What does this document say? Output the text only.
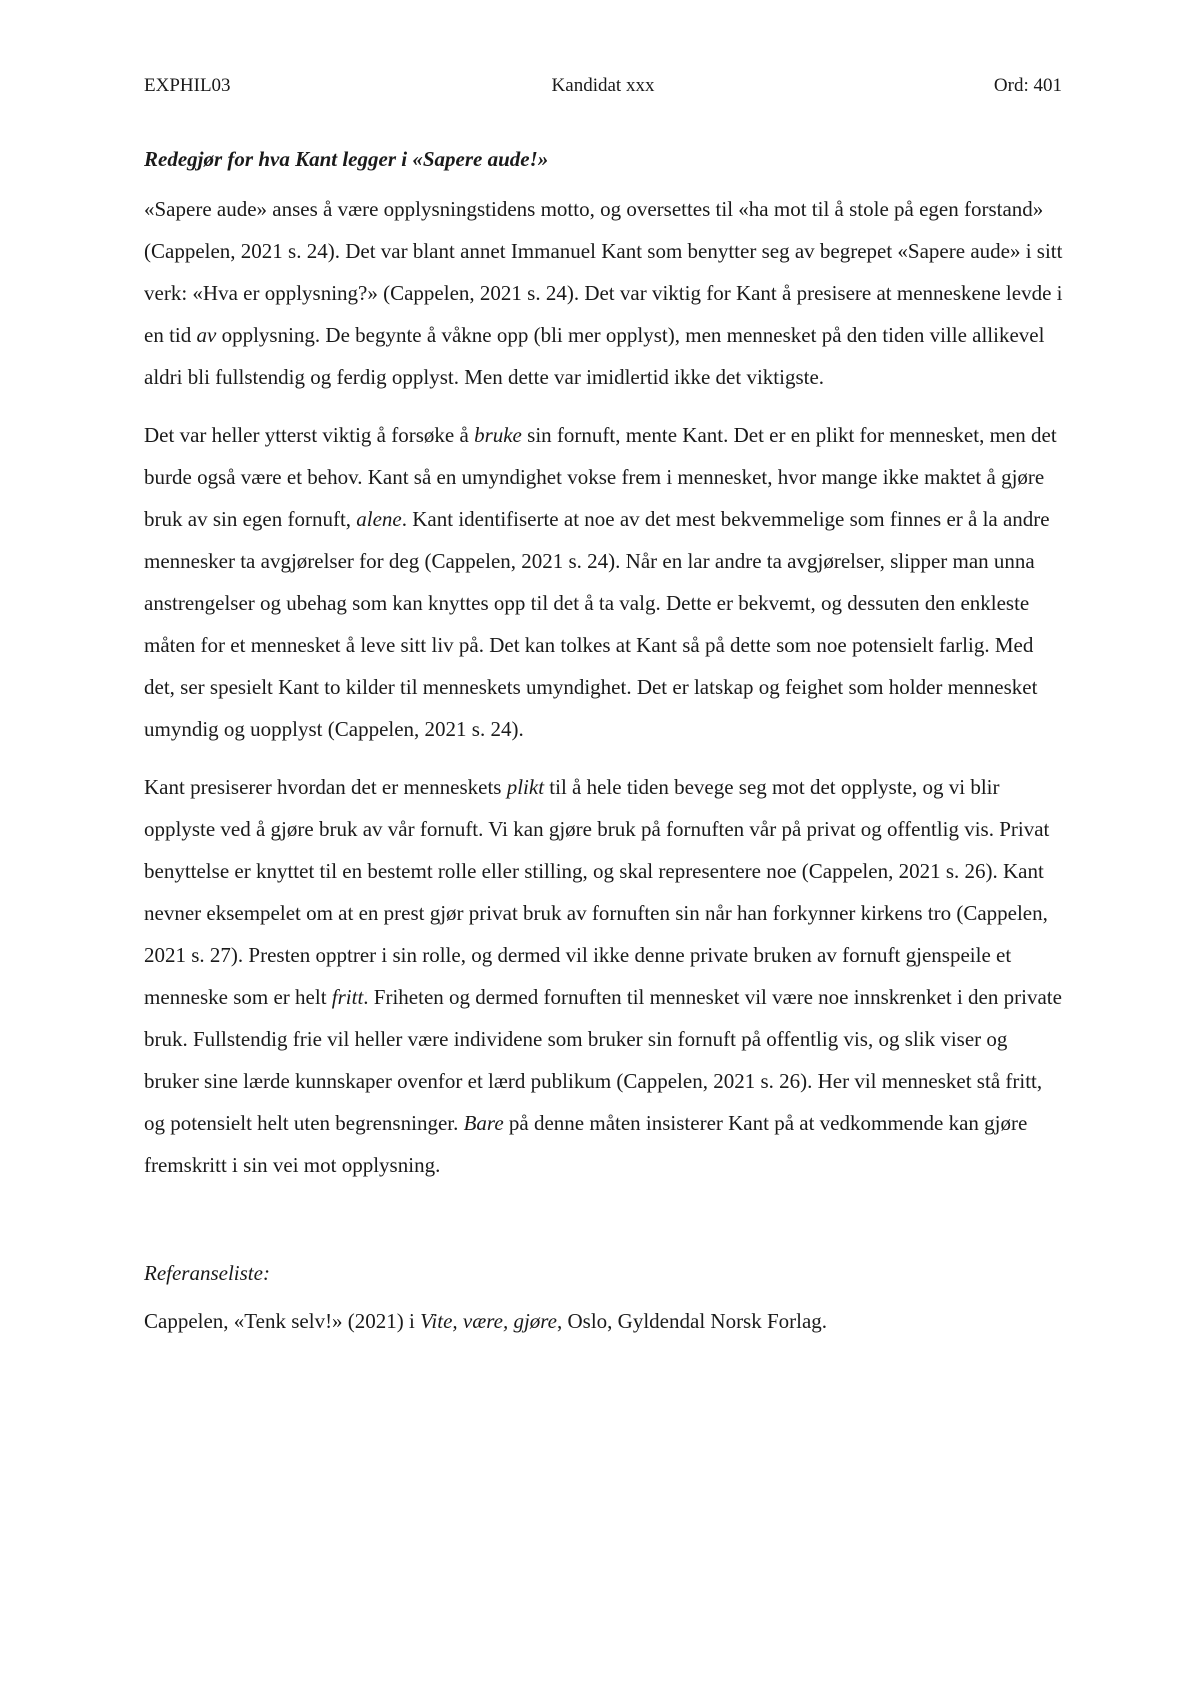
EXPHIL03	Kandidat xxx	Ord: 401

Redegjør for hva Kant legger i «Sapere aude!»

«Sapere aude» anses å være opplysningstidens motto, og oversettes til «ha mot til å stole på egen forstand» (Cappelen, 2021 s. 24). Det var blant annet Immanuel Kant som benytter seg av begrepet «Sapere aude» i sitt verk: «Hva er opplysning?» (Cappelen, 2021 s. 24). Det var viktig for Kant å presisere at menneskene levde i en tid av opplysning. De begynte å våkne opp (bli mer opplyst), men mennesket på den tiden ville allikevel aldri bli fullstendig og ferdig opplyst. Men dette var imidlertid ikke det viktigste.

Det var heller ytterst viktig å forsøke å bruke sin fornuft, mente Kant. Det er en plikt for mennesket, men det burde også være et behov. Kant så en umyndighet vokse frem i mennesket, hvor mange ikke maktet å gjøre bruk av sin egen fornuft, alene. Kant identifiserte at noe av det mest bekvemmelige som finnes er å la andre mennesker ta avgjørelser for deg (Cappelen, 2021 s. 24). Når en lar andre ta avgjørelser, slipper man unna anstrengelser og ubehag som kan knyttes opp til det å ta valg. Dette er bekvemt, og dessuten den enkleste måten for et mennesket å leve sitt liv på. Det kan tolkes at Kant så på dette som noe potensielt farlig. Med det, ser spesielt Kant to kilder til menneskets umyndighet. Det er latskap og feighet som holder mennesket umyndig og uopplyst (Cappelen, 2021 s. 24).

Kant presiserer hvordan det er menneskets plikt til å hele tiden bevege seg mot det opplyste, og vi blir opplyste ved å gjøre bruk av vår fornuft. Vi kan gjøre bruk på fornuften vår på privat og offentlig vis. Privat benyttelse er knyttet til en bestemt rolle eller stilling, og skal representere noe (Cappelen, 2021 s. 26). Kant nevner eksempelet om at en prest gjør privat bruk av fornuften sin når han forkynner kirkens tro (Cappelen, 2021 s. 27). Presten opptrer i sin rolle, og dermed vil ikke denne private bruken av fornuft gjenspeile et menneske som er helt fritt. Friheten og dermed fornuften til mennesket vil være noe innskrenket i den private bruk. Fullstendig frie vil heller være individene som bruker sin fornuft på offentlig vis, og slik viser og bruker sine lærde kunnskaper ovenfor et lærd publikum (Cappelen, 2021 s. 26). Her vil mennesket stå fritt, og potensielt helt uten begrensninger. Bare på denne måten insisterer Kant på at vedkommende kan gjøre fremskritt i sin vei mot opplysning.

Referanseliste:

Cappelen, «Tenk selv!» (2021) i Vite, være, gjøre, Oslo, Gyldendal Norsk Forlag.
